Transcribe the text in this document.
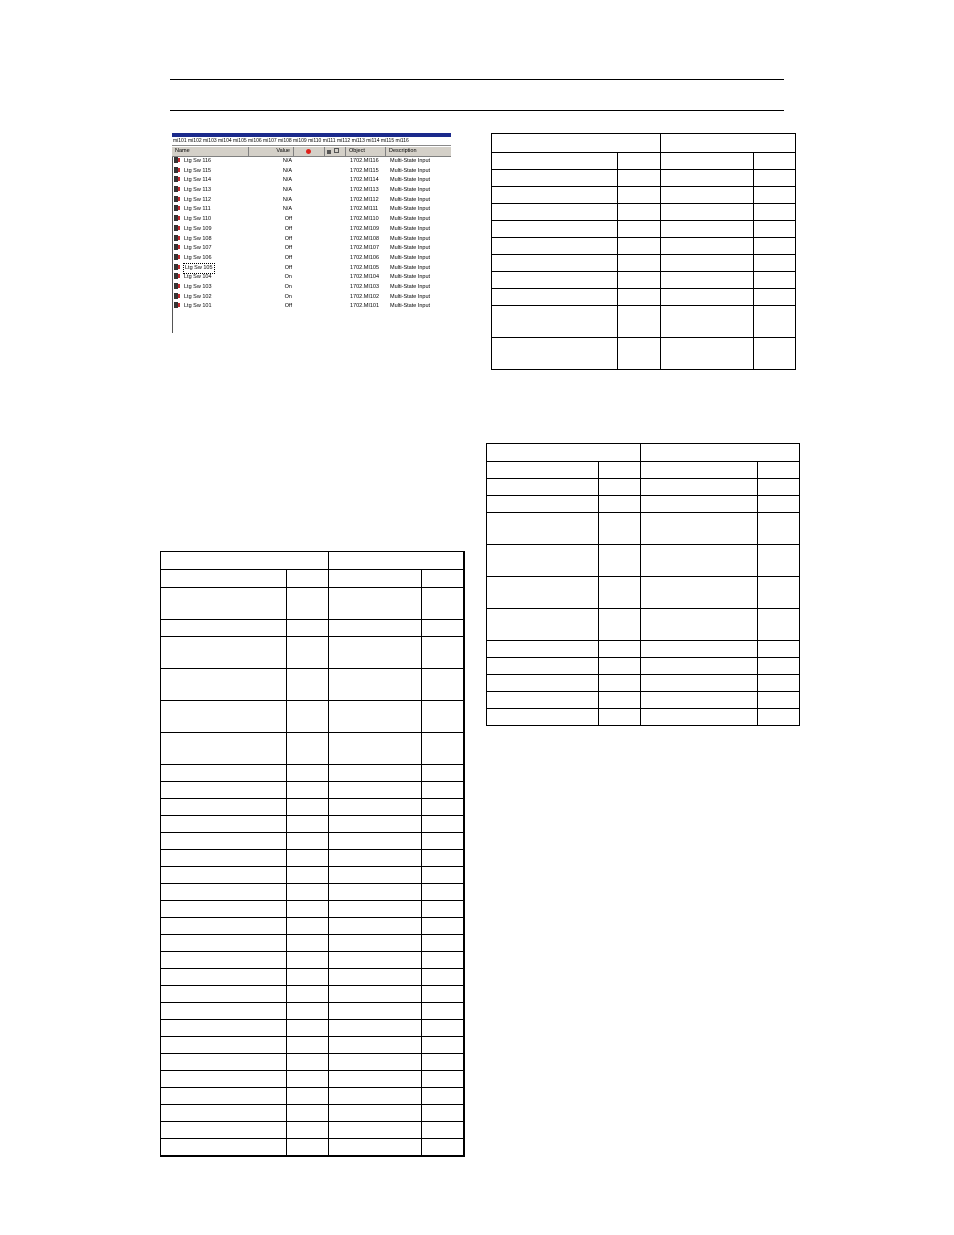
mi101 mi102 mi103 mi104 mi105 mi106 mi107 mi108 mi109 mi110 mi111 mi112 mi113 mi114 mi115 mi116
Name	Value	Object	Description
Ltg Sw 116	N/A	1702.MI116 Multi-State Input
Ltg Sw 115	N/A	1702.MI115 Multi-State Input
Ltg Sw 114	N/A	1702.MI114 Multi-State Input
Ltg Sw 113	N/A	1702.MI113 Multi-State Input
Ltg Sw 112	N/A	1702.MI112 Multi-State Input
Ltg Sw 111	N/A	1702.MI111 Multi-State Input
Ltg Sw 110	Off	1702.MI110 Multi-State Input
Ltg Sw 109	Off	1702.MI109 Multi-State Input
Ltg Sw 108	Off	1702.MI108 Multi-State Input
Ltg Sw 107	Off	1702.MI107 Multi-State Input
Ltg Sw 106	Off	1702.MI106 Multi-State Input
Ltg Sw 105	Off	1702.MI105 Multi-State Input
Ltg Sw 104	On	1702.MI104 Multi-State Input
Ltg Sw 103	On	1702.MI103 Multi-State Input
Ltg Sw 102	On	1702.MI102 Multi-State Input
Ltg Sw 101	Off	1702.MI101 Multi-State Input
